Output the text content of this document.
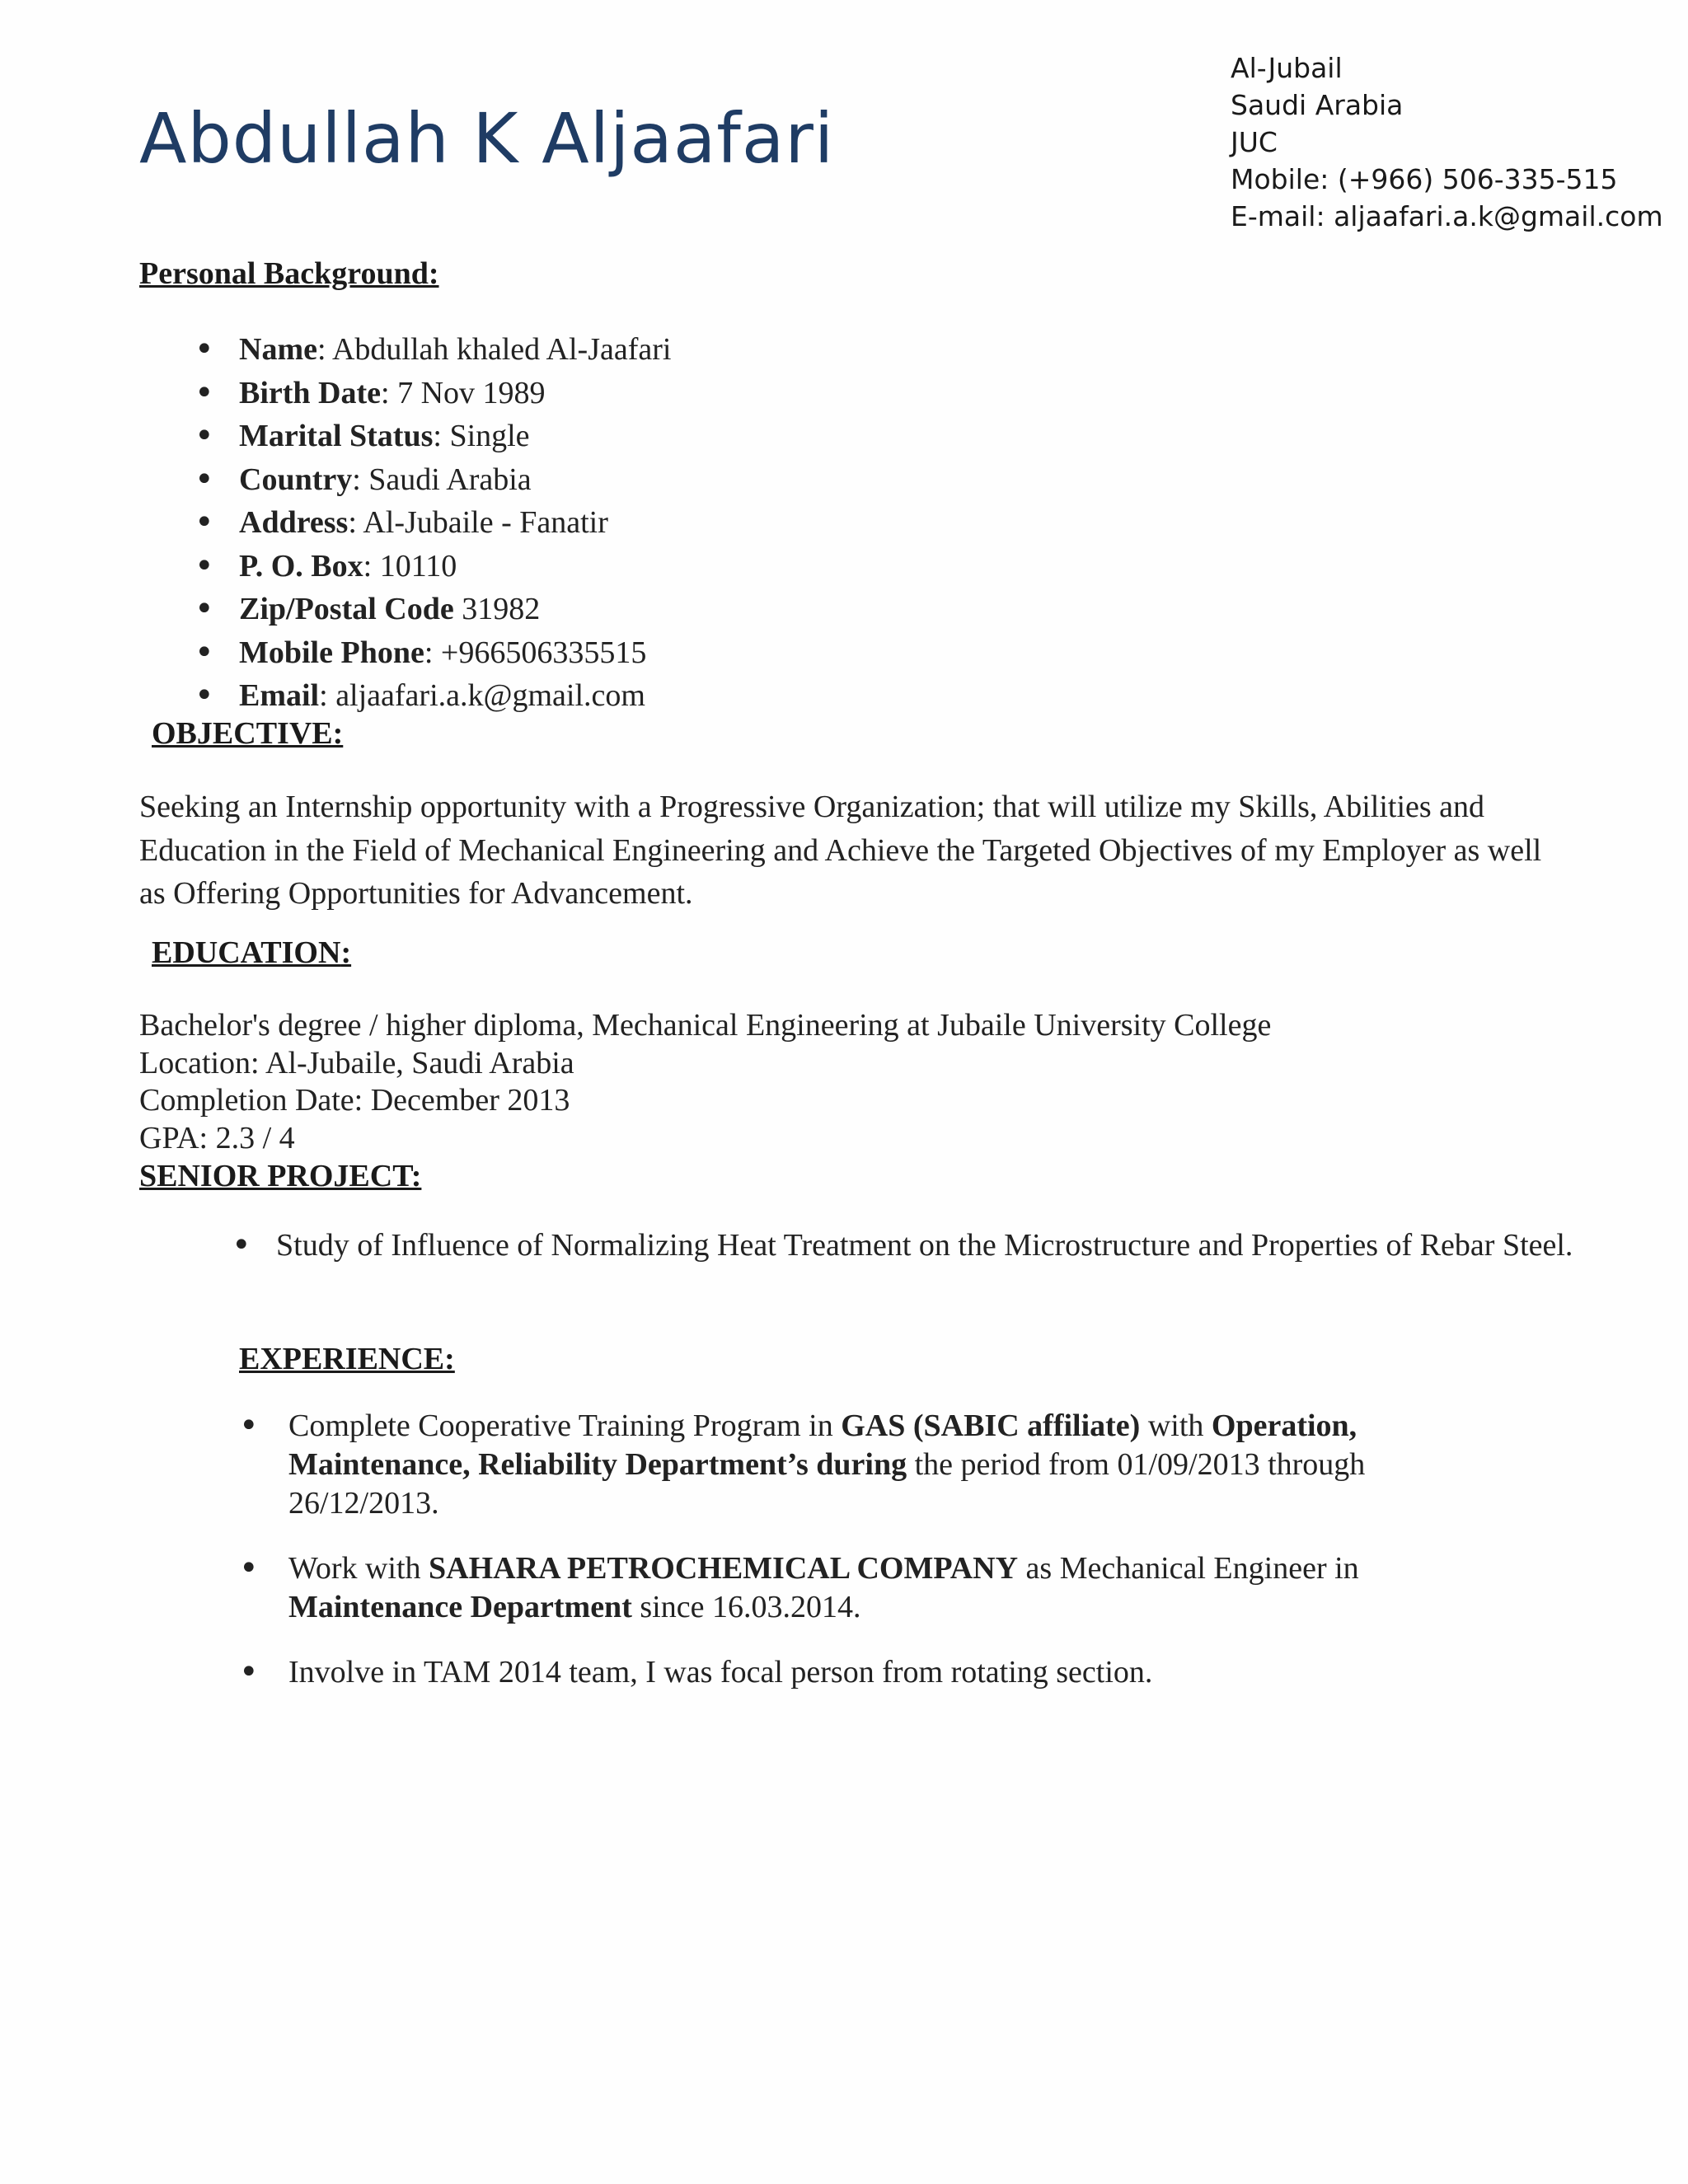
Abdullah K Aljaafari
Al-Jubail
Saudi Arabia
JUC
Mobile: (+966) 506-335-515
E-mail: aljaafari.a.k@gmail.com
Personal Background:
• Name: Abdullah khaled Al-Jaafari
• Birth Date: 7 Nov 1989
• Marital Status: Single
• Country: Saudi Arabia
• Address: Al-Jubaile - Fanatir
• P. O. Box: 10110
• Zip/Postal Code 31982
• Mobile Phone: +966506335515
• Email: aljaafari.a.k@gmail.com
OBJECTIVE:

Seeking an Internship opportunity with a Progressive Organization; that will utilize my Skills, Abilities and Education in the Field of Mechanical Engineering and Achieve the Targeted Objectives of my Employer as well as Offering Opportunities for Advancement.

EDUCATION:
Bachelor's degree / higher diploma, Mechanical Engineering at Jubaile University College
Location: Al-Jubaile, Saudi Arabia
Completion Date: December 2013
GPA: 2.3 / 4
SENIOR PROJECT:
• Study of Influence of Normalizing Heat Treatment on the Microstructure and Properties of Rebar Steel.
EXPERIENCE:
• Complete Cooperative Training Program in GAS (SABIC affiliate) with Operation, Maintenance, Reliability Department’s during the period from 01/09/2013 through 26/12/2013.
• Work with SAHARA PETROCHEMICAL COMPANY as Mechanical Engineer in Maintenance Department since 16.03.2014.
• Involve in TAM 2014 team, I was focal person from rotating section.
